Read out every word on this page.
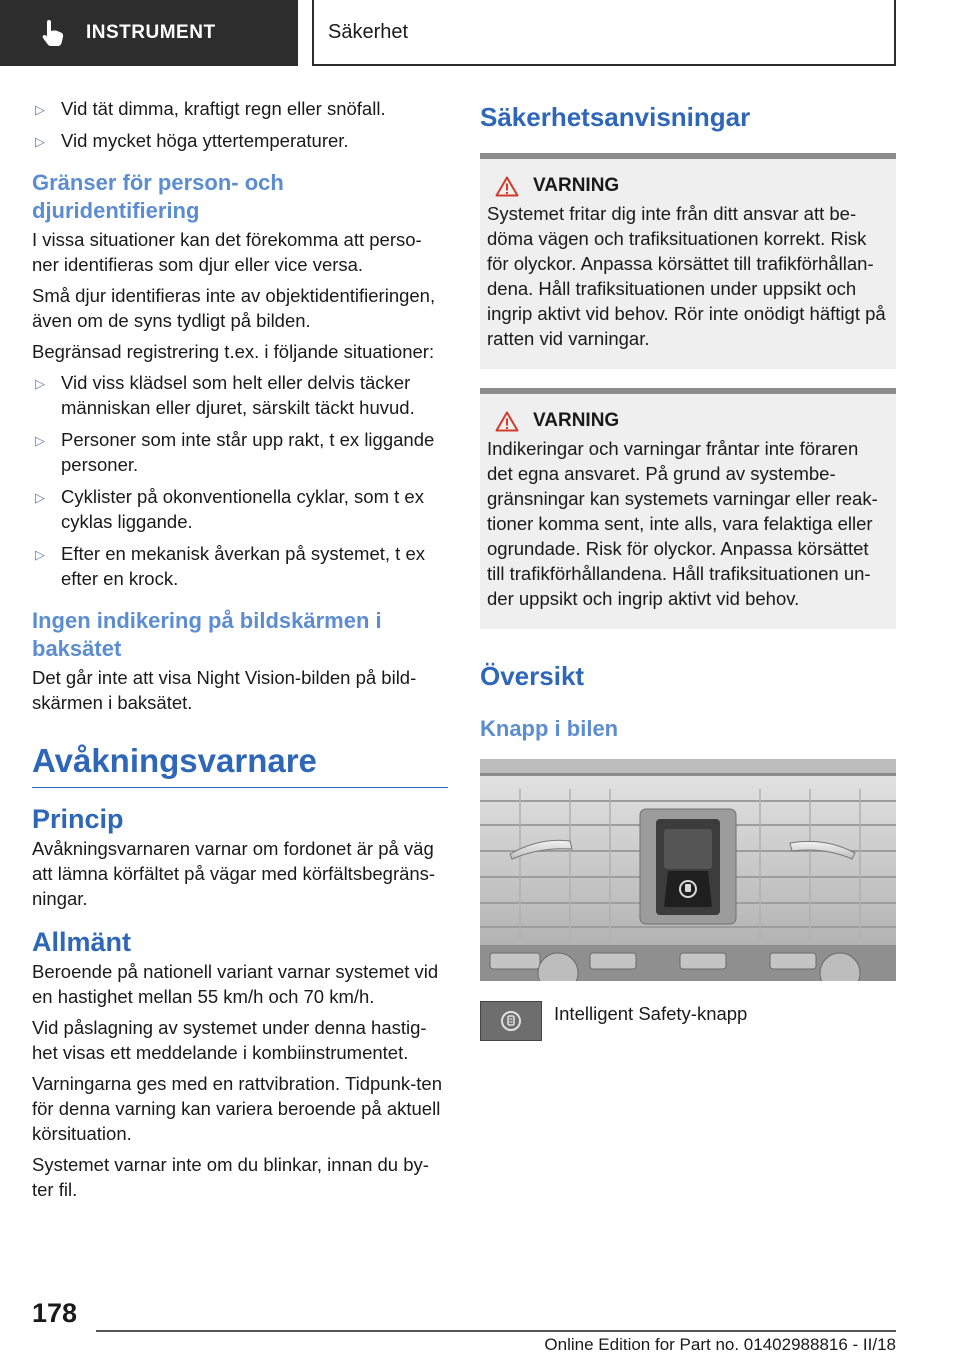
INSTRUMENT	Säkerhet
▷ Vid tät dimma, kraftigt regn eller snöfall.
▷ Vid mycket höga yttertemperaturer.
Gränser för person- och djuridentifiering
I vissa situationer kan det förekomma att perso-ner identifieras som djur eller vice versa.
Små djur identifieras inte av objektidentifieringen, även om de syns tydligt på bilden.
Begränsad registrering t.ex. i följande situationer:
▷ Vid viss klädsel som helt eller delvis täcker människan eller djuret, särskilt täckt huvud.
▷ Personer som inte står upp rakt, t ex liggande personer.
▷ Cyklister på okonventionella cyklar, som t ex cyklas liggande.
▷ Efter en mekanisk åverkan på systemet, t ex efter en krock.
Ingen indikering på bildskärmen i baksätet
Det går inte att visa Night Vision-bilden på bild-skärmen i baksätet.
Avåkningsvarnare
Princip
Avåkningsvarnaren varnar om fordonet är på väg att lämna körfältet på vägar med körfältsbegräns-ningar.
Allmänt
Beroende på nationell variant varnar systemet vid en hastighet mellan 55 km/h och 70 km/h.
Vid påslagning av systemet under denna hastig-het visas ett meddelande i kombiinstrumentet.
Varningarna ges med en rattvibration. Tidpunk-ten för denna varning kan variera beroende på aktuell körsituation.
Systemet varnar inte om du blinkar, innan du by-ter fil.
Säkerhetsanvisningar
VARNING
Systemet fritar dig inte från ditt ansvar att be-döma vägen och trafiksituationen korrekt. Risk för olyckor. Anpassa körsättet till trafikförhållan-dena. Håll trafiksituationen under uppsikt och ingrip aktivt vid behov. Rör inte onödigt häftigt på ratten vid varningar.
VARNING
Indikeringar och varningar fråntar inte föraren det egna ansvaret. På grund av systembe-gränsningar kan systemets varningar eller reak-tioner komma sent, inte alls, vara felaktiga eller ogrundade. Risk för olyckor. Anpassa körsättet till trafikförhållandena. Håll trafiksituationen un-der uppsikt och ingrip aktivt vid behov.
Översikt
Knapp i bilen
Intelligent Safety-knapp
178
Online Edition for Part no. 01402988816 - II/18
